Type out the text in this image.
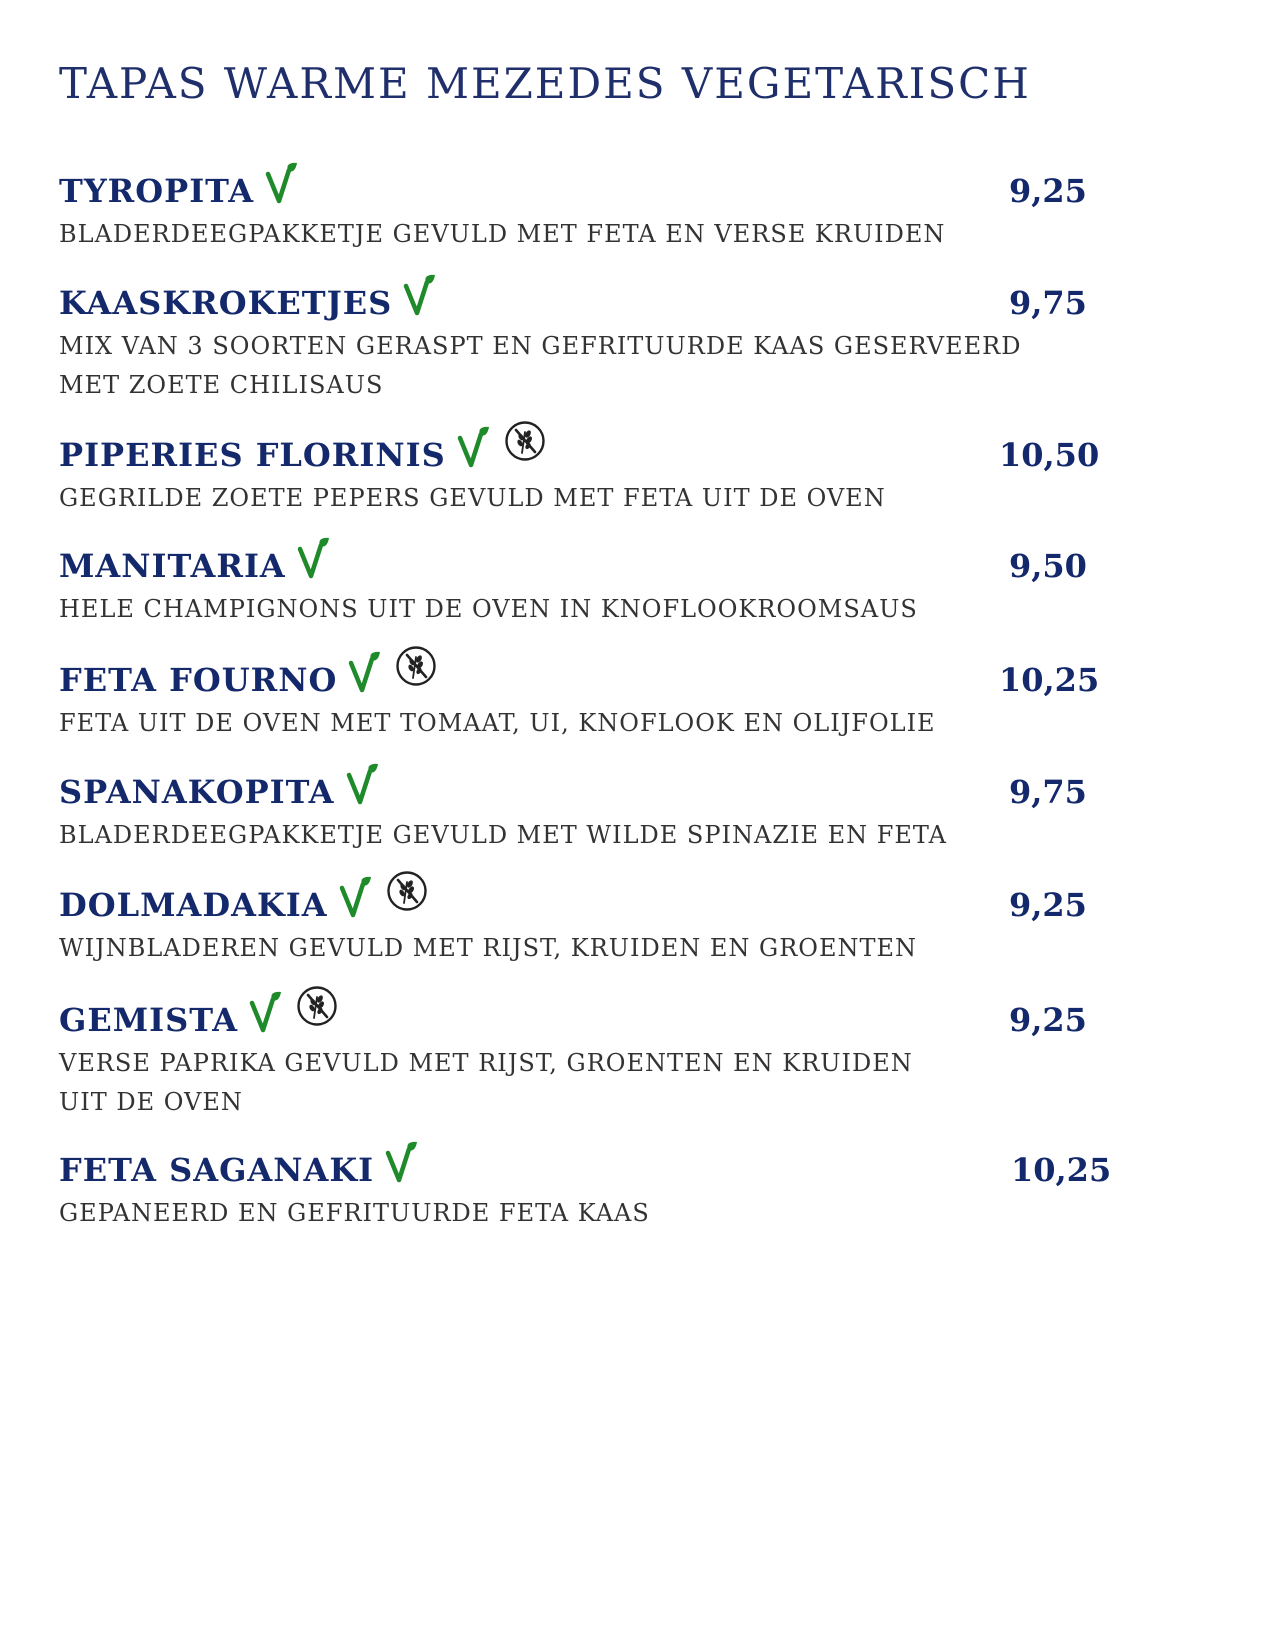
TAPAS WARME MEZEDES VEGETARISCH
TYROPITA	9,25
BLADERDEEGPAKKETJE GEVULD MET FETA EN VERSE KRUIDEN
KAASKROKETJES	9,75
MIX VAN 3 SOORTEN GERASPT EN GEFRITUURDE KAAS GESERVEERD
MET ZOETE CHILISAUS
PIPERIES FLORINIS	10,50
GEGRILDE ZOETE PEPERS GEVULD MET FETA UIT DE OVEN
MANITARIA	9,50
HELE CHAMPIGNONS UIT DE OVEN IN KNOFLOOKROOMSAUS
FETA FOURNO	10,25
FETA UIT DE OVEN MET TOMAAT, UI, KNOFLOOK EN OLIJFOLIE
SPANAKOPITA	9,75
BLADERDEEGPAKKETJE GEVULD MET WILDE SPINAZIE EN FETA
DOLMADAKIA	9,25
WIJNBLADEREN GEVULD MET RIJST, KRUIDEN EN GROENTEN
GEMISTA	9,25
VERSE PAPRIKA GEVULD MET RIJST, GROENTEN EN KRUIDEN
UIT DE OVEN
FETA SAGANAKI	10,25
GEPANEERD EN GEFRITUURDE FETA KAAS
